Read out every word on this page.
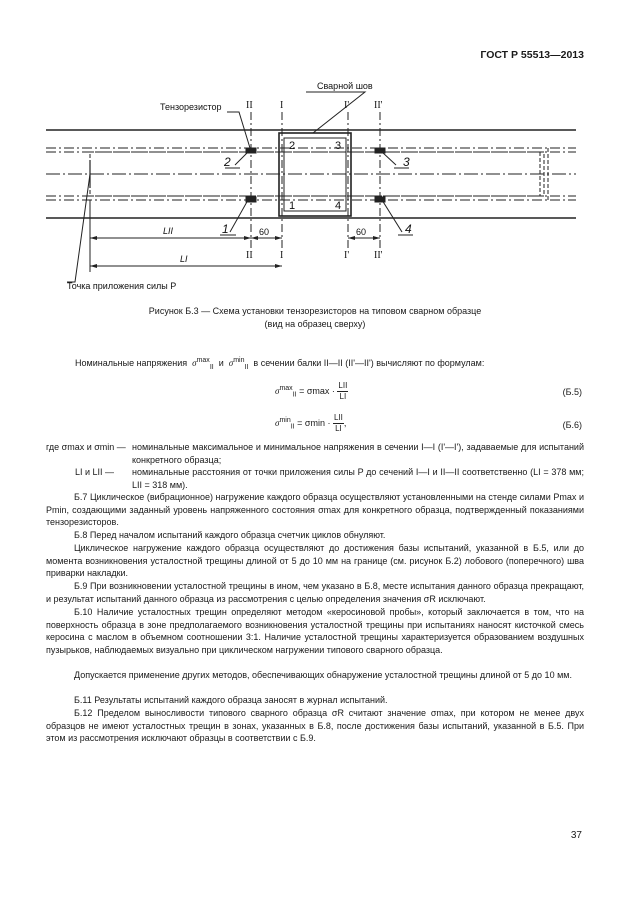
ГОСТ Р 55513—2013
Тензорезистор
Сварной шов
Точка приложения силы P
II	I	I' II'
II	I	I' II'
2	3
1	4
2
1
3
4
60	60
LII
LI
Рисунок Б.3 — Схема установки тензорезисторов на типовом сварном образце
(вид на образец сверху)
Номинальные напряжения $\sigma^{max}_{II}$ и $\sigma^{min}_{II}$ в сечении балки II—II (II'—II') вычисляют по формулам:
$\sigma^{max}_{II} = \sigma\max \cdot \frac{\text{LII}}{LI}$	(Б.5)
$\sigma^{min}_{II} = \sigma\min \cdot \frac{\text{LII}}{LI}$ ,	(Б.6)
где σmax и σmin — номинальные максимальное и минимальное напряжения в сечении I—I (I'—I'), задаваемые для испытаний конкретного образца;
LI и LII —	номинальные расстояния от точки приложения силы P до сечений I—I и II—II соответственно (LI = 378 мм; LII = 318 мм).
Б.7 Циклическое (вибрационное) нагружение каждого образца осуществляют установленными на стенде силами Pmax и Pmin, создающими заданный уровень напряженного состояния σmax для конкретного образца, подтвержденный показаниями тензорезисторов.
Б.8 Перед началом испытаний каждого образца счетчик циклов обнуляют.
Циклическое нагружение каждого образца осуществляют до достижения базы испытаний, указанной в Б.5, или до момента возникновения усталостной трещины длиной от 5 до 10 мм на границе (см. рисунок Б.2) лобового (поперечного) шва приварки накладки.
Б.9 При возникновении усталостной трещины в ином, чем указано в Б.8, месте испытания данного образца прекращают, и результат испытаний данного образца из рассмотрения с целью определения значения σR исключают.
Б.10 Наличие усталостных трещин определяют методом «керосиновой пробы», который заключается в том, что на поверхность образца в зоне предполагаемого возникновения усталостной трещины при испытаниях наносят кисточкой смесь керосина с маслом в объемном соотношении 3:1. Наличие усталостной трещины характеризуется образованием воздушных пузырьков, наблюдаемых визуально при циклическом нагружении типового сварного образца.
Допускается применение других методов, обеспечивающих обнаружение усталостной трещины длиной от 5 до 10 мм.
Б.11 Результаты испытаний каждого образца заносят в журнал испытаний.
Б.12 Пределом выносливости типового сварного образца σR считают значение σmax, при котором не менее двух образцов не имеют усталостных трещин в зонах, указанных в Б.8, после достижения базы испытаний, указанной в Б.5. При этом из рассмотрения исключают образцы в соответствии с Б.9.
37
